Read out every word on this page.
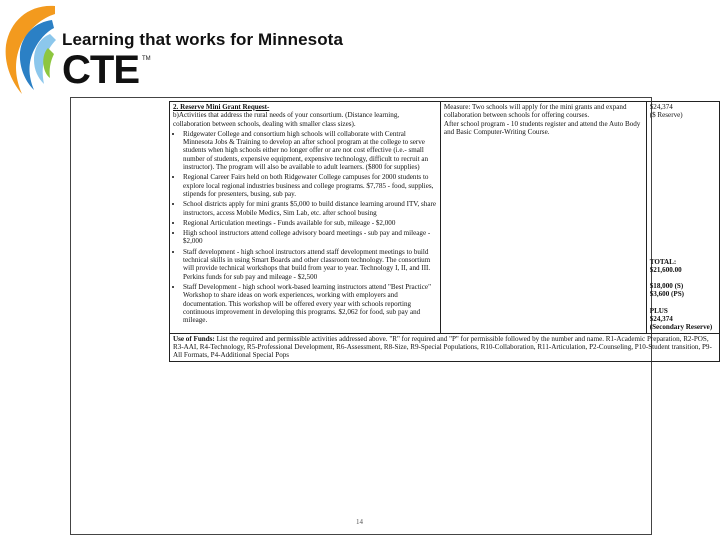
Learning that works for Minnesota
CTE TM
2. Reserve Mini Grant Request-
b)Activities that address the rural needs of your consortium. (Distance learning, collaboration between schools, dealing with smaller class sizes).
• Ridgewater College and consortium high schools will collaborate with Central Minnesota Jobs & Training to develop an after school program at the college to serve students when high schools either no longer offer or are not cost effective (i.e.- small number of students, expensive equipment, expensive technology, difficult to recruit an instructor). The program will also be available to adult learners. ($800 for supplies)
• Regional Career Fairs held on both Ridgewater College campuses for 2000 students to explore local regional industries business and college programs. $7,785 - food, supplies, stipends for presenters, busing, sub pay.
• School districts apply for mini grants $5,000 to build distance learning around ITV, share instructors, access Mobile Medics, Sim Lab, etc. after school busing
• Regional Articulation meetings - Funds available for sub, mileage - $2,000
• High school instructors attend college advisory board meetings - sub pay and mileage - $2,000
• Staff development - high school instructors attend staff development meetings to build technical skills in using Smart Boards and other classroom technology. The consortium will provide technical workshops that build from year to year. Technology I, II, and III. Perkins funds for sub pay and mileage - $2,500
• Staff Development - high school work-based learning instructors attend "Best Practice" Workshop to share ideas on work experiences, working with employers and documentation. This workshop will be offered every year with schools reporting continuous improvement in developing this programs. $2,062 for food, sub pay and mileage.

Measure: Two schools will apply for the mini grants and expand collaboration between schools for offering courses.
After school program - 10 students register and attend the Auto Body and Basic Computer-Writing Course.

$24,374
($ Reserve)
TOTAL:
$21,600.00
$18,000 (S)
$3,600 (PS)
PLUS
$24,374
(Secondary Reserve)

Use of Funds: List the required and permissible activities addressed above. "R" for required and "P" for permissible followed by the number and name. R1-Academic Preparation, R2-POS, R3-AAI, R4-Technology, R5-Professional Development, R6-Assessment, R8-Size, R9-Special Populations, R10-Collaboration, R11-Articulation, P2-Counseling, P10-Student transition, P9-All Formats, P4-Additional Special Pops
14
